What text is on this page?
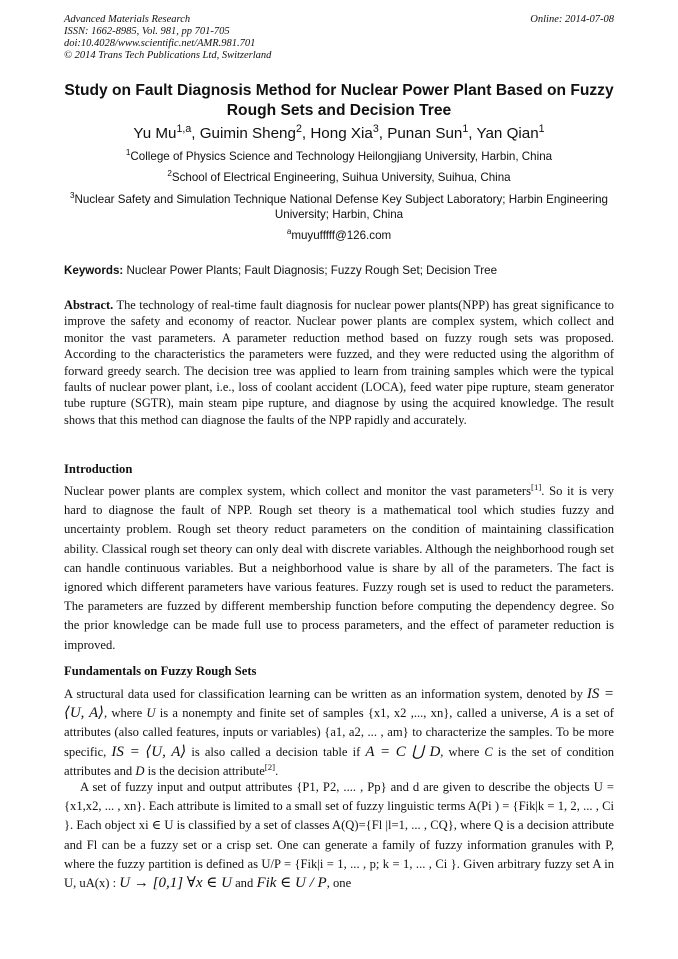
Advanced Materials Research
ISSN: 1662-8985, Vol. 981, pp 701-705
doi:10.4028/www.scientific.net/AMR.981.701
© 2014 Trans Tech Publications Ltd, Switzerland
Online: 2014-07-08
Study on Fault Diagnosis Method for Nuclear Power Plant Based on Fuzzy Rough Sets and Decision Tree
Yu Mu$^{1,a}$, Guimin Sheng$^2$, Hong Xia$^3$, Punan Sun$^1$, Yan Qian$^1$
$^1$College of Physics Science and Technology Heilongjiang University, Harbin, China
$^2$School of Electrical Engineering, Suihua University, Suihua, China
$^3$Nuclear Safety and Simulation Technique National Defense Key Subject Laboratory; Harbin Engineering University; Harbin, China
$^a$muyufffff@126.com
Keywords: Nuclear Power Plants; Fault Diagnosis; Fuzzy Rough Set; Decision Tree
Abstract. The technology of real-time fault diagnosis for nuclear power plants(NPP) has great significance to improve the safety and economy of reactor. Nuclear power plants are complex system, which collect and monitor the vast parameters. A parameter reduction method based on fuzzy rough sets was proposed. According to the characteristics the parameters were fuzzed, and they were reducted using the algorithm of forward greedy search. The decision tree was applied to learn from training samples which were the typical faults of nuclear power plant, i.e., loss of coolant accident (LOCA), feed water pipe rupture, steam generator tube rupture (SGTR), main steam pipe rupture, and diagnose by using the acquired knowledge. The result shows that this method can diagnose the faults of the NPP rapidly and accurately.
Introduction
Nuclear power plants are complex system, which collect and monitor the vast parameters[1]. So it is very hard to diagnose the fault of NPP. Rough set theory is a mathematical tool which studies fuzzy and uncertainty problem. Rough set theory reduct parameters on the condition of maintaining classification ability. Classical rough set theory can only deal with discrete variables. Although the neighborhood rough set can handle continuous variables. But a neighborhood value is share by all of the parameters. The fact is ignored which different parameters have various features. Fuzzy rough set is used to reduct the parameters. The parameters are fuzzed by different membership function before computing the dependency degree. So the prior knowledge can be made full use to process parameters, and the effect of parameter reduction is improved.
Fundamentals on Fuzzy Rough Sets
A structural data used for classification learning can be written as an information system, denoted by IS = ⟨U, A⟩, where U is a nonempty and finite set of samples {x1, x2 ,..., xn}, called a universe, A is a set of attributes (also called features, inputs or variables) {a1, a2, ... , am} to characterize the samples. To be more specific, IS = ⟨U, A⟩ is also called a decision table if A = C ⋃ D, where C is the set of condition attributes and D is the decision attribute[2].
A set of fuzzy input and output attributes {P1, P2, .... , Pp} and d are given to describe the objects U = {x1,x2, ... , xn}. Each attribute is limited to a small set of fuzzy linguistic terms A(Pi ) = {Fik|k = 1, 2, ... , Ci }. Each object xi ∈ U is classified by a set of classes A(Q)={Fl |l=1, ... , CQ}, where Q is a decision attribute and Fl can be a fuzzy set or a crisp set. One can generate a family of fuzzy information granules with P, where the fuzzy partition is defined as U/P = {Fik|i = 1, ... , p; k = 1, ... , Ci }. Given arbitrary fuzzy set A in U, uA(x) : U → [0,1] ∀x ∈ U and Fik ∈ U / P, one
